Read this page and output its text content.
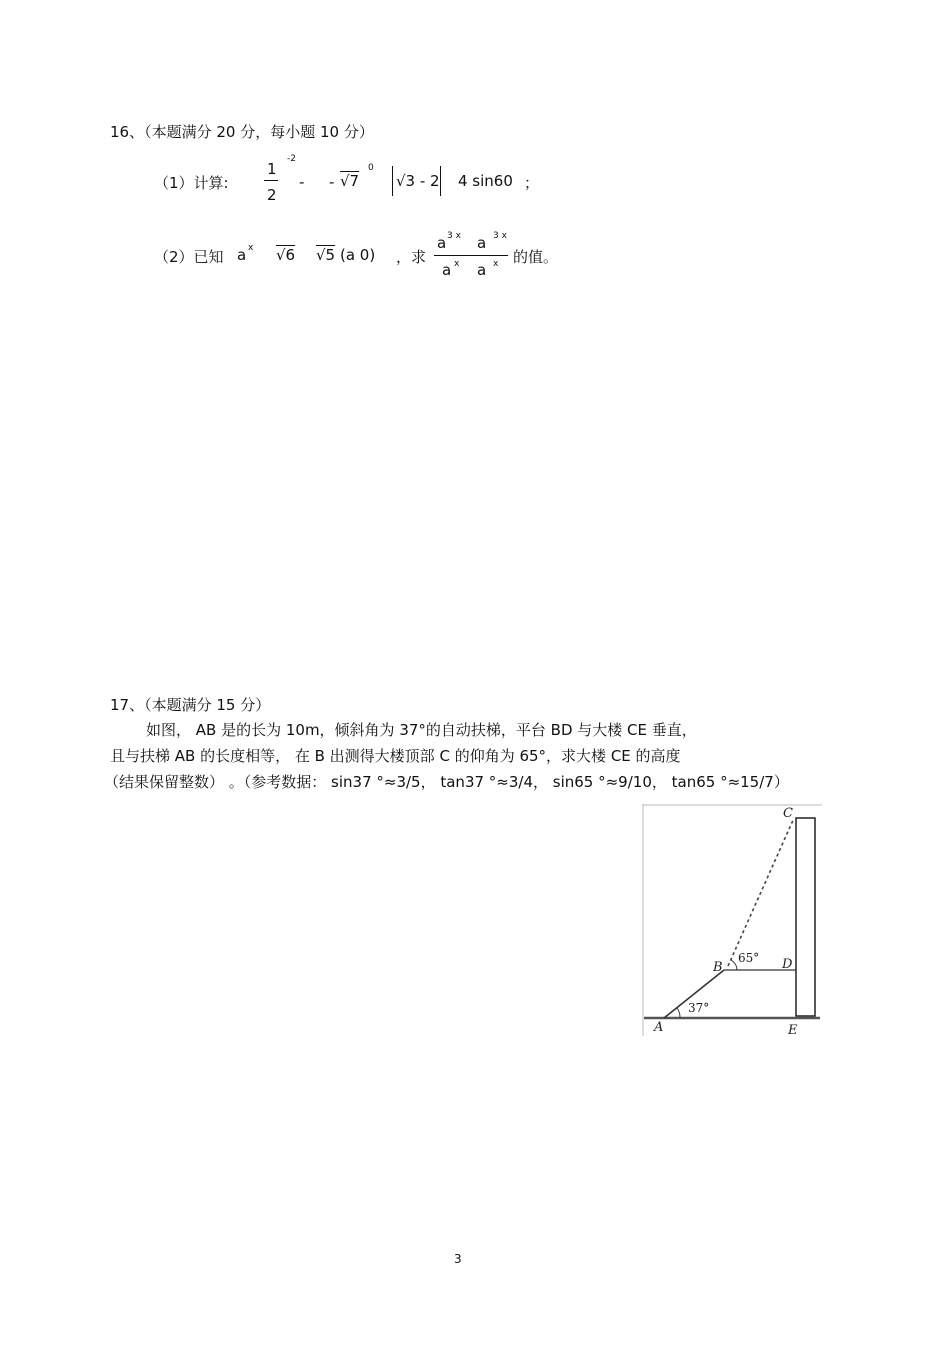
16、（本题满分 20 分，每小题 10 分）
（1）计算:
1
2
-2
- - √7
0
√3 - 2 4 sin60 ；
（2）已知 a x √6 √5 (a 0) ，求
a 3 x a 3 x
a x a x 的值。
17、（本题满分 15 分）
如图， AB 是的长为 10m，倾斜角为 37°的自动扶梯，平台 BD 与大楼 CE 垂直，
且与扶梯 AB 的长度相等， 在 B 出测得大楼顶部 C 的仰角为 65°，求大楼 CE 的高度
（结果保留整数） 。（参考数据： sin37 °≈3/5， tan37 °≈3/4， sin65 °≈9/10， tan65 °≈15/7）
C
B	D
A	E
65°
37°
3
